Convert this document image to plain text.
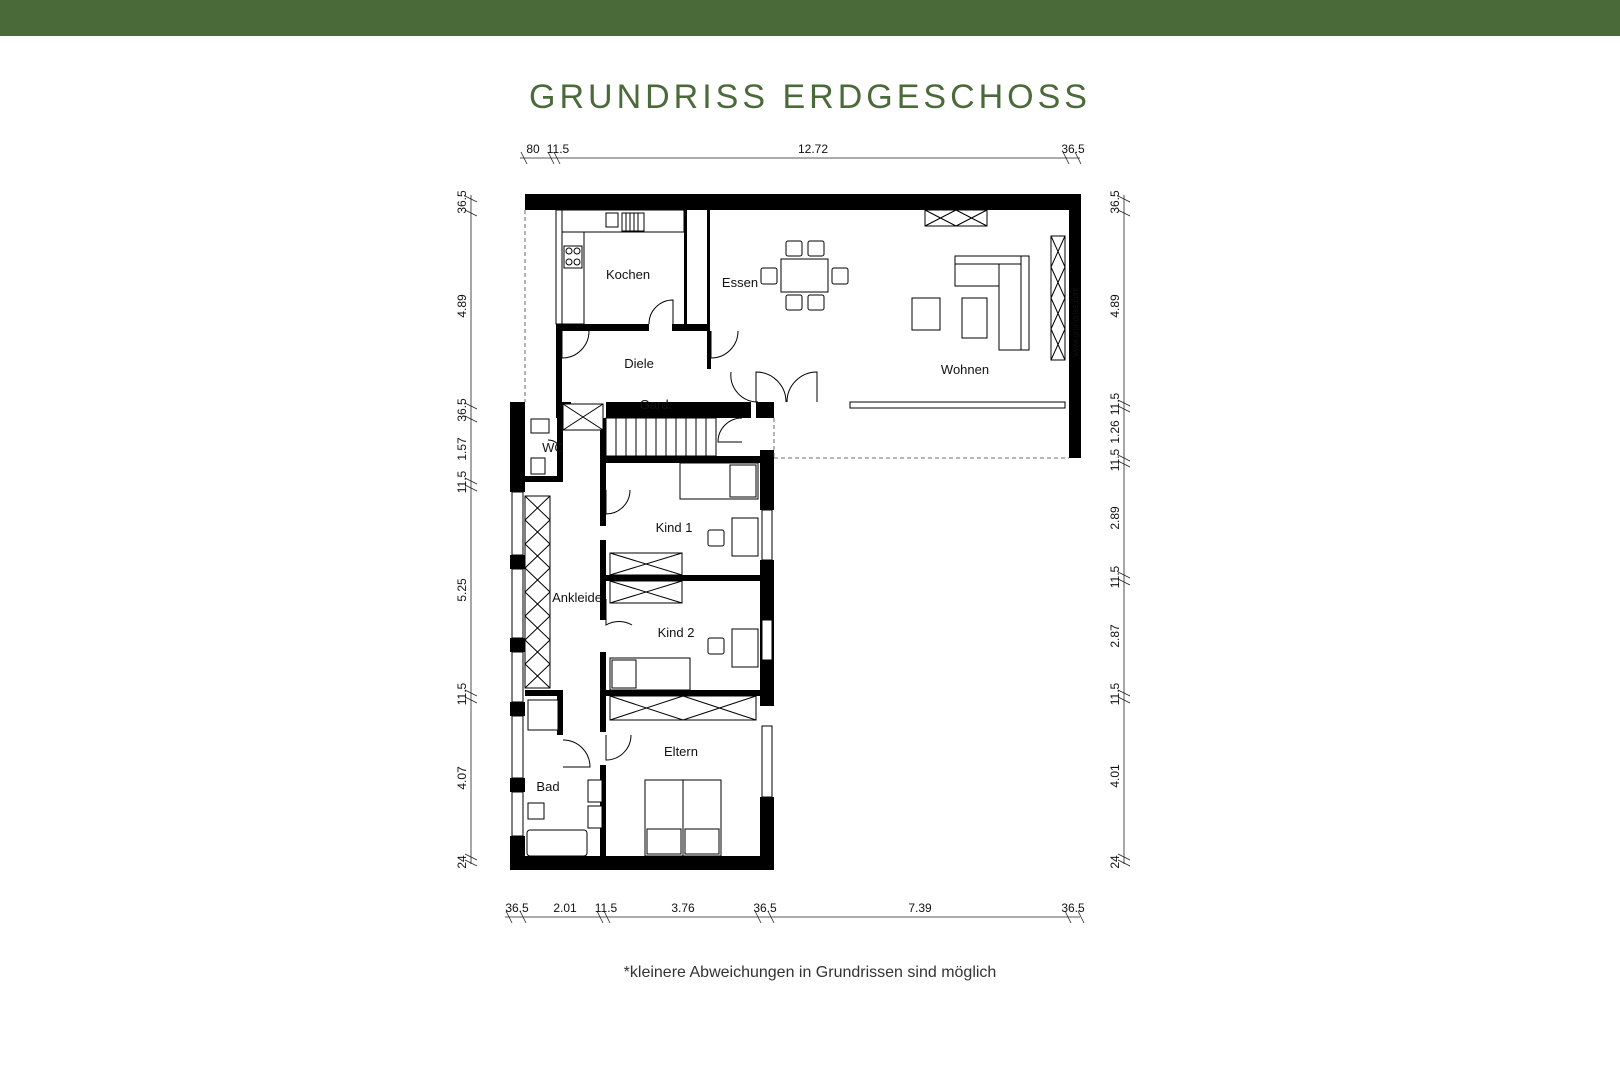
GRUNDRISS ERDGESCHOSS
80 11.5	12.72	36.5
36.5 2.01 11.5	3.76	36.5	7.39	36.5
36.5
4.89
36.5
1.57
11.5
5.25
11.5
4.07
24
36.5
4.89
11.5
1.26
11.5
2.89
11.5
2.87
11.5
4.01
24
Kochen
Essen
Wohnen
Diele
Gard.
WC
Ankleide
Kind 1
Kind 2
Eltern
Bad
www.grundriss.com
*kleinere Abweichungen in Grundrissen sind möglich
